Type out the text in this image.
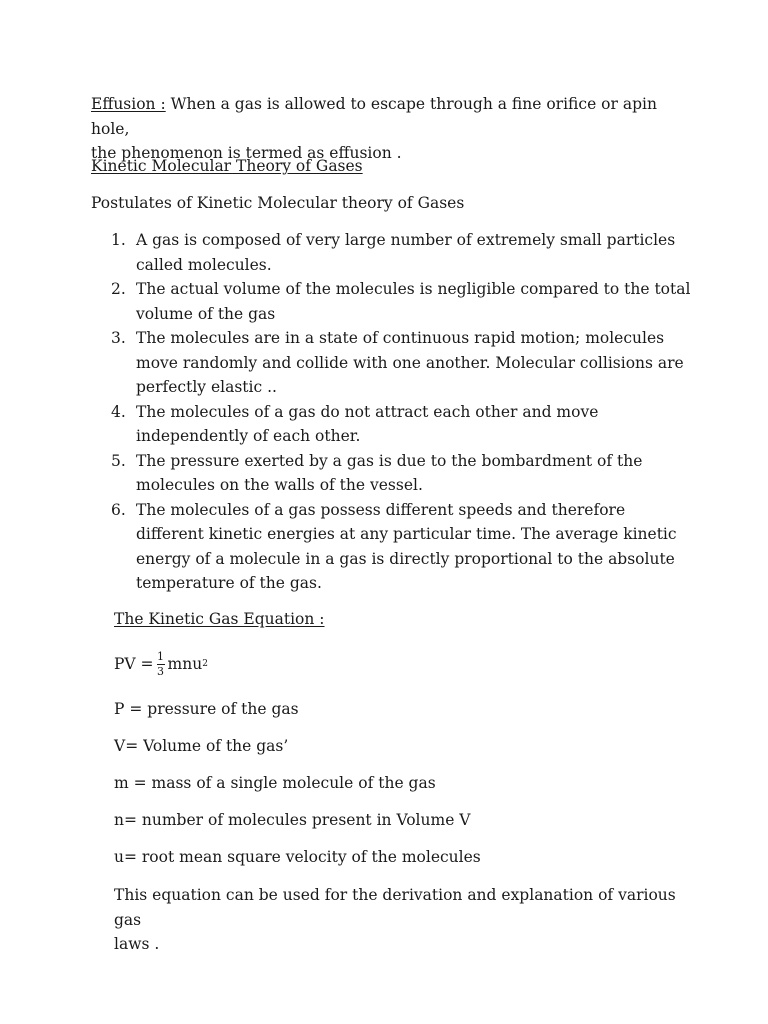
Effusion : When a gas is allowed to escape through a fine orifice or apin hole,
the phenomenon is termed as effusion .

Kinetic Molecular Theory of Gases

Postulates of Kinetic Molecular theory of Gases

1. A gas is composed of very large number of extremely small particles called molecules.
2. The actual volume of the molecules is negligible compared to the total volume of the gas
3. The molecules are in a state of continuous rapid motion; molecules move randomly and collide with one another. Molecular collisions are perfectly elastic ..
4. The molecules of a gas do not attract each other and move independently of each other.
5. The pressure exerted by a gas is due to the bombardment of the molecules on the walls of the vessel.
6. The molecules of a gas possess different speeds and therefore different kinetic energies at any particular time. The average kinetic energy of a molecule in a gas is directly proportional to the absolute temperature of the gas.

The Kinetic Gas Equation :

PV = $\frac{1}{3}$ mnu 2

P = pressure of the gas

V= Volume of the gas’

m = mass of a single molecule of the gas

n= number of molecules present in Volume V

u= root mean square velocity of the molecules

This equation can be used for the derivation and explanation of various gas
laws .
